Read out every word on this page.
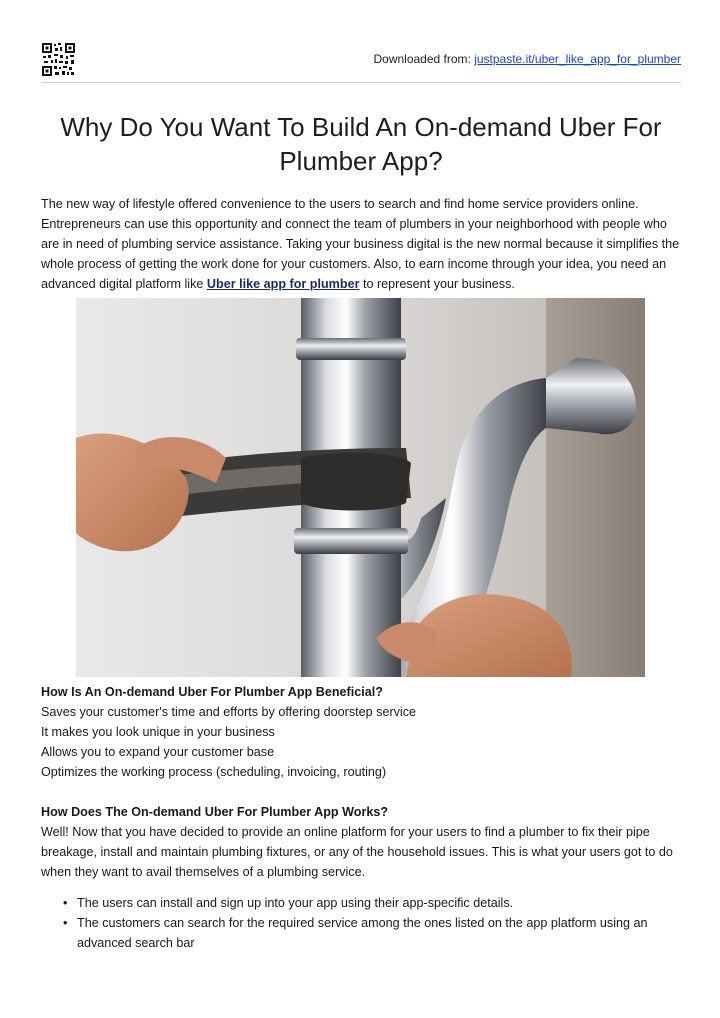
Downloaded from: justpaste.it/uber_like_app_for_plumber
Why Do You Want To Build An On-demand Uber For Plumber App?

The new way of lifestyle offered convenience to the users to search and find home service providers online. Entrepreneurs can use this opportunity and connect the team of plumbers in your neighborhood with people who are in need of plumbing service assistance. Taking your business digital is the new normal because it simplifies the whole process of getting the work done for your customers. Also, to earn income through your idea, you need an advanced digital platform like Uber like app for plumber to represent your business.

How Is An On-demand Uber For Plumber App Beneficial?
Saves your customer's time and efforts by offering doorstep service
It makes you look unique in your business
Allows you to expand your customer base
Optimizes the working process (scheduling, invoicing, routing)
How Does The On-demand Uber For Plumber App Works?
Well! Now that you have decided to provide an online platform for your users to find a plumber to fix their pipe breakage, install and maintain plumbing fixtures, or any of the household issues. This is what your users got to do when they want to avail themselves of a plumbing service.
• The users can install and sign up into your app using their app-specific details.
• The customers can search for the required service among the ones listed on the app platform using an advanced search bar
